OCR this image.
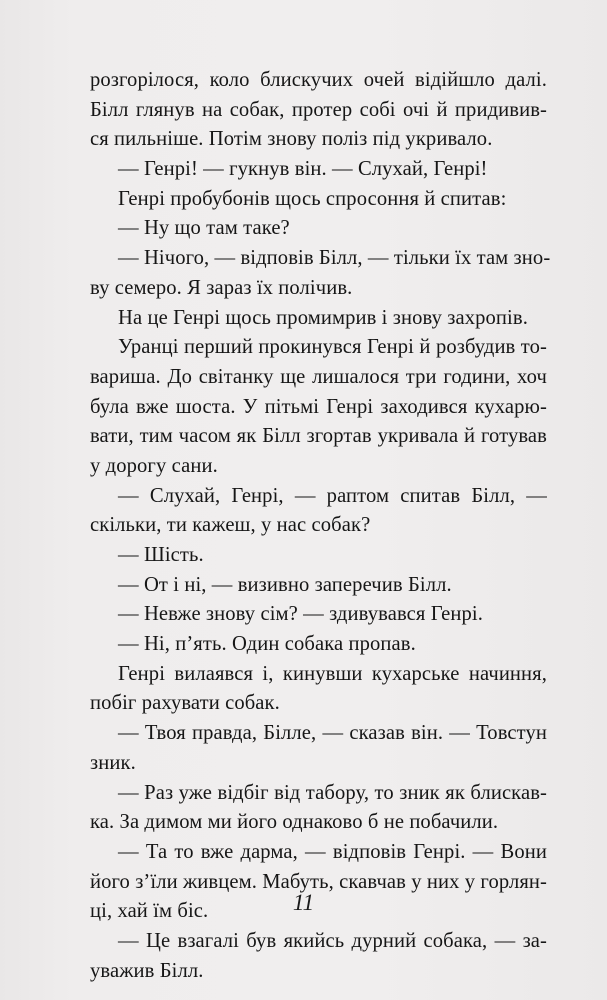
розгорілося, коло блискучих очей відійшло далі.
Білл глянув на собак, протер собі очі й придивив-
ся пильніше. Потім знову поліз під укривало.
— Генрі! — гукнув він. — Слухай, Генрі!
Генрі пробубонів щось спросоння й спитав:
— Ну що там таке?
— Нічого, — відповів Білл, — тільки їх там зно-
ву семеро. Я зараз їх полічив.
На це Генрі щось промимрив і знову захропів.
Уранці перший прокинувся Генрі й розбудив то-
вариша. До світанку ще лишалося три години, хоч
була вже шоста. У пітьмі Генрі заходився кухарю-
вати, тим часом як Білл згортав укривала й готував
у дорогу сани.
— Слухай, Генрі, — раптом спитав Білл, —
скільки, ти кажеш, у нас собак?
— Шість.
— От і ні, — визивно заперечив Білл.
— Невже знову сім? — здивувався Генрі.
— Ні, п’ять. Один собака пропав.
Генрі вилаявся і, кинувши кухарське начиння,
побіг рахувати собак.
— Твоя правда, Білле, — сказав він. — Товстун
зник.
— Раз уже відбіг від табору, то зник як блискав-
ка. За димом ми його однаково б не побачили.
— Та то вже дарма, — відповів Генрі. — Вони
його з’їли живцем. Мабуть, скавчав у них у горлян-
ці, хай їм біс.
— Це взагалі був якийсь дурний собака, — за-
уважив Білл.
11
